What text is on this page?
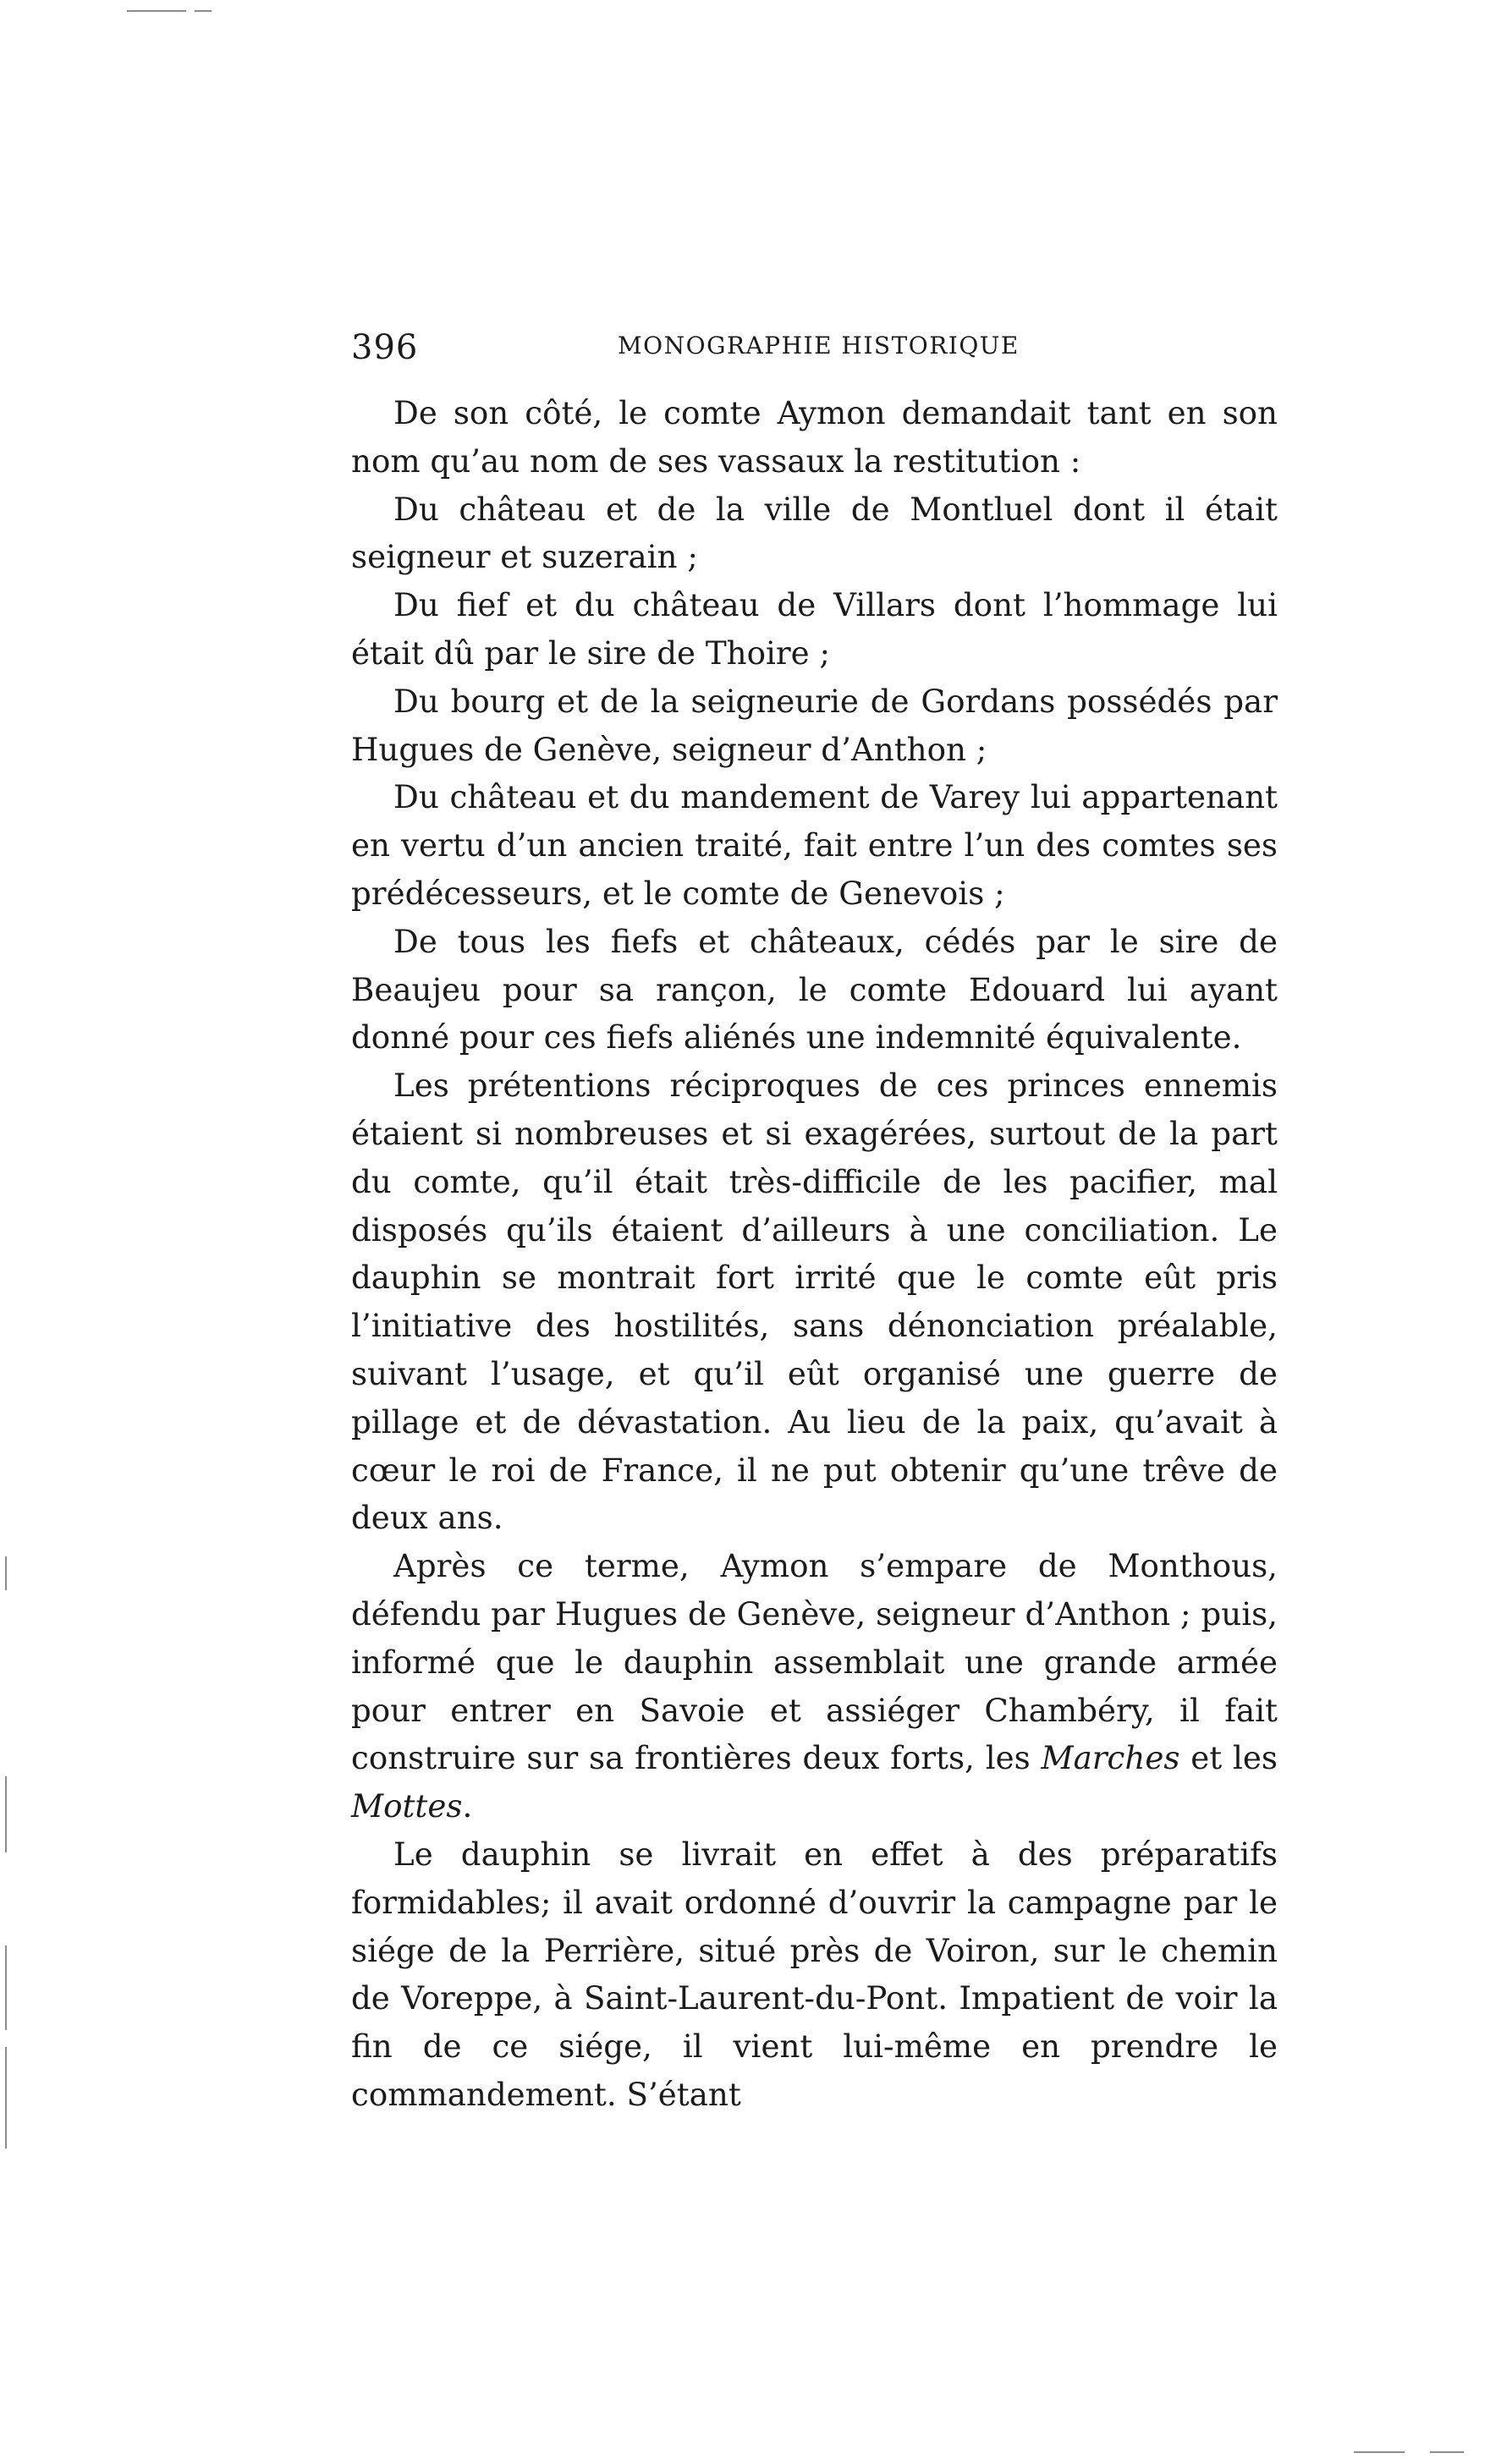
396	MONOGRAPHIE HISTORIQUE

De son côté, le comte Aymon demandait tant en son nom qu’au nom de ses vassaux la restitution :

Du château et de la ville de Montluel dont il était seigneur et suzerain ;

Du fief et du château de Villars dont l’hommage lui était dû par le sire de Thoire ;

Du bourg et de la seigneurie de Gordans possédés par Hugues de Genève, seigneur d’Anthon ;

Du château et du mandement de Varey lui appartenant en vertu d’un ancien traité, fait entre l’un des comtes ses prédécesseurs, et le comte de Genevois ;

De tous les fiefs et châteaux, cédés par le sire de Beaujeu pour sa rançon, le comte Edouard lui ayant donné pour ces fiefs aliénés une indemnité équivalente.

Les prétentions réciproques de ces princes ennemis étaient si nombreuses et si exagérées, surtout de la part du comte, qu’il était très-difficile de les pacifier, mal disposés qu’ils étaient d’ailleurs à une conciliation. Le dauphin se montrait fort irrité que le comte eût pris l’initiative des hostilités, sans dénonciation préalable, suivant l’usage, et qu’il eût organisé une guerre de pillage et de dévastation. Au lieu de la paix, qu’avait à cœur le roi de France, il ne put obtenir qu’une trêve de deux ans.

Après ce terme, Aymon s’empare de Monthous, défendu par Hugues de Genève, seigneur d’Anthon ; puis, informé que le dauphin assemblait une grande armée pour entrer en Savoie et assiéger Chambéry, il fait construire sur sa frontières deux forts, les Marches et les Mottes.

Le dauphin se livrait en effet à des préparatifs formidables; il avait ordonné d’ouvrir la campagne par le siége de la Perrière, situé près de Voiron, sur le chemin de Voreppe, à Saint-Laurent-du-Pont. Impatient de voir la fin de ce siége, il vient lui-même en prendre le commandement. S’étant
